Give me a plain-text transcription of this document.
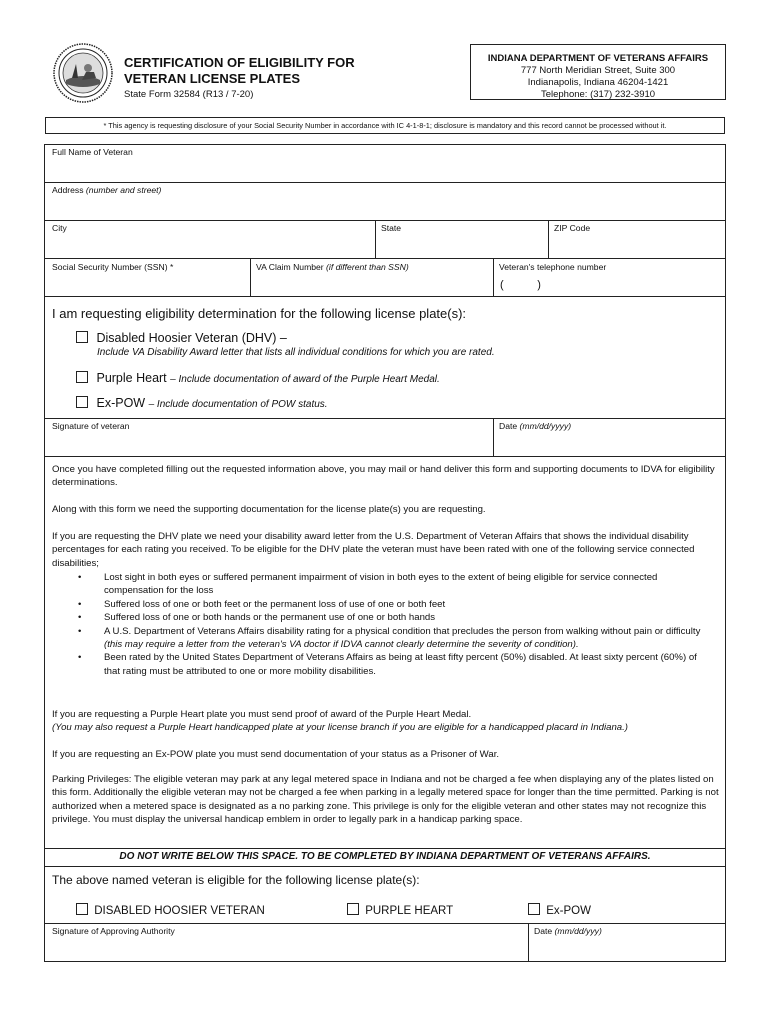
CERTIFICATION OF ELIGIBILITY FOR
VETERAN LICENSE PLATES
State Form 32584 (R13 / 7-20)
INDIANA DEPARTMENT OF VETERANS AFFAIRS
777 North Meridian Street, Suite 300
Indianapolis, Indiana 46204-1421
Telephone: (317) 232-3910
* This agency is requesting disclosure of your Social Security Number in accordance with IC 4-1-8-1; disclosure is mandatory and this record cannot be processed without it.
Full Name of Veteran
Address (number and street)
City	State	ZIP Code
Social Security Number (SSN) *	VA Claim Number (if different than SSN)	Veteran's telephone number
(           )
I am requesting eligibility determination for the following license plate(s):
Disabled Hoosier Veteran (DHV) –
Include VA Disability Award letter that lists all individual conditions for which you are rated.
Purple Heart – Include documentation of award of the Purple Heart Medal.
Ex-POW – Include documentation of POW status.
Signature of veteran	Date (mm/dd/yyyy)

Once you have completed filling out the requested information above, you may mail or hand deliver this form and supporting documents to IDVA for eligibility determinations.

Along with this form we need the supporting documentation for the license plate(s) you are requesting.

If you are requesting the DHV plate we need your disability award letter from the U.S. Department of Veteran Affairs that shows the individual disability percentages for each rating you received. To be eligible for the DHV plate the veteran must have been rated with one of the following service connected disabilities;

• Lost sight in both eyes or suffered permanent impairment of vision in both eyes to the extent of being eligible for service connected compensation for the loss
• Suffered loss of one or both feet or the permanent loss of use of one or both feet
• Suffered loss of one or both hands or the permanent use of one or both hands
• A U.S. Department of Veterans Affairs disability rating for a physical condition that precludes the person from walking without pain or difficulty (this may require a letter from the veteran's VA doctor if IDVA cannot clearly determine the severity of condition).
• Been rated by the United States Department of Veterans Affairs as being at least fifty percent (50%) disabled. At least sixty percent (60%) of that rating must be attributed to one or more mobility disabilities.

If you are requesting a Purple Heart plate you must send proof of award of the Purple Heart Medal.

(You may also request a Purple Heart handicapped plate at your license branch if you are eligible for a handicapped placard in Indiana.)

If you are requesting an Ex-POW plate you must send documentation of your status as a Prisoner of War.

Parking Privileges: The eligible veteran may park at any legal metered space in Indiana and not be charged a fee when displaying any of the plates listed on this form. Additionally the eligible veteran may not be charged a fee when parking in a legally metered space for longer than the time permitted. Parking is not authorized when a metered space is designated as a no parking zone. This privilege is only for the eligible veteran and other states may not recognize this privilege. You must display the universal handicap emblem in order to legally park in a handicap parking space.

DO NOT WRITE BELOW THIS SPACE. TO BE COMPLETED BY INDIANA DEPARTMENT OF VETERANS AFFAIRS.
The above named veteran is eligible for the following license plate(s):
DISABLED HOOSIER VETERAN	PURPLE HEART	Ex-POW
Signature of Approving Authority	Date (mm/dd/yyy)
